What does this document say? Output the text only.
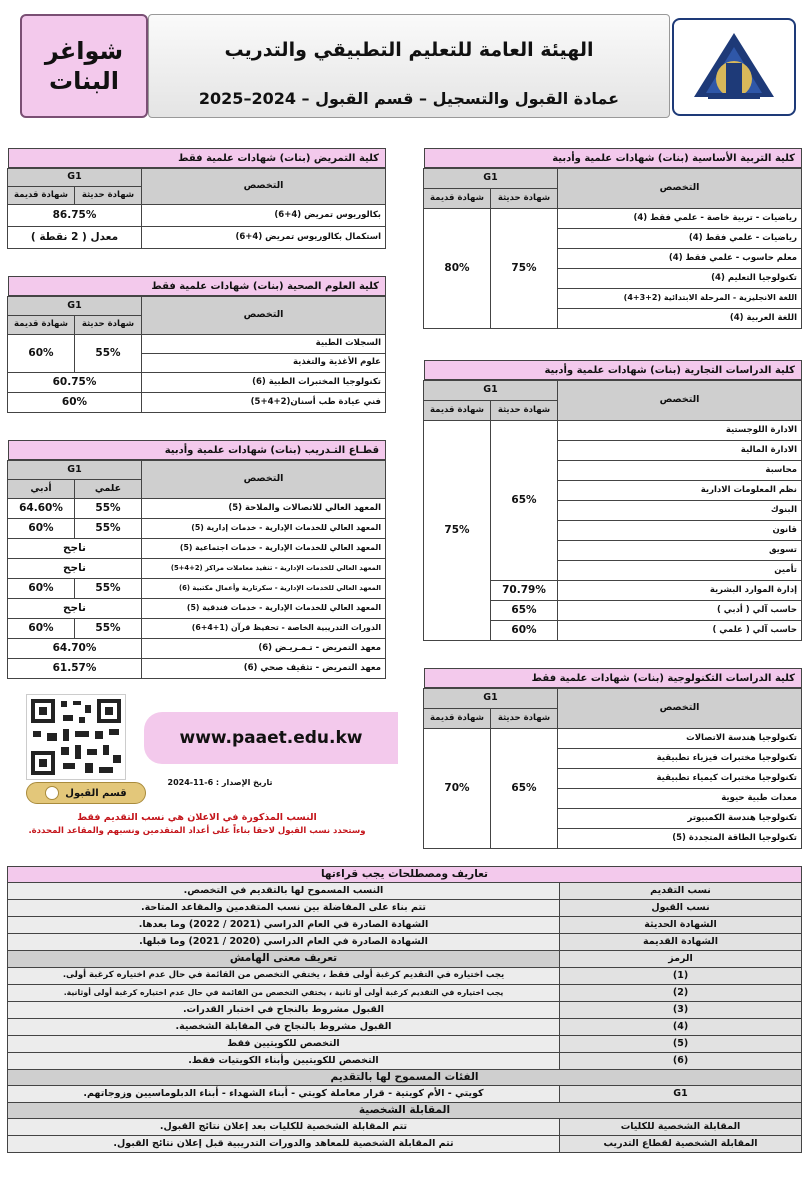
شواغر
البنات
الهيئة العامة للتعليم التطبيقي والتدريب
عمادة القبول والتسجيل – قسم القبول – 2024–2025
كلية التمريض (بنات) شهادات علمية فقط
التخصص	G1	
	شهادة حديثة	شهادة قديمة
بكالوريوس تمريض (4+6)	86.75%	
استكمال بكالوريوس تمريض (4+6)	معدل ( 2 نقطة )	
كلية العلوم الصحية (بنات) شهادات علمية فقط
التخصص	G1	
	شهادة حديثة	شهادة قديمة
السجلات الطبية	55%	60%
علوم الأغذية والتغذية		
تكنولوجيا المختبرات الطبية (6)	60.75%	
فني عيادة طب أسنان(2+4+5)	60%	
قطـاع التـدريب (بنات) شهادات علمية وأدبية
التخصص	G1	
	علمي	أدبي
المعهد العالي للاتصالات والملاحة (5)	55%	64.60%
المعهد العالي للخدمات الإدارية - خدمات إدارية (5)	55%	60%
المعهد العالي للخدمات الإدارية - خدمات اجتماعية (5)	ناجح	
المعهد العالي للخدمات الإدارية - تنفيذ معاملات مراكز (2+4+5)	ناجح	
المعهد العالي للخدمات الإدارية - سكرتارية وأعمال مكتبية (6)	55%	60%
المعهد العالي للخدمات الإدارية - خدمات فندقية (5)	ناجح	
الدورات التدريبية الخاصة - تحفيظ قرآن (1+4+6)	55%	60%
معهد التمريض - تـمـريـض (6)	64.70%	
معهد التمريض - تثقيف صحي (6)	61.57%	
كلية التربية الأساسية (بنات) شهادات علمية وأدبية
التخصص	G1	
	شهادة حديثة	شهادة قديمة
رياضيات - تربية خاصة - علمي فقط (4)	75%	80%
رياضيات - علمي فقط (4)		
معلم حاسوب - علمي فقط (4)		
تكنولوجيا التعليم (4)		
اللغة الانجليزية - المرحلة الابتدائية (2+3+4)		
اللغة العربية (4)		
كلية الدراسات التجارية (بنات) شهادات علمية وأدبية
التخصص	G1	
	شهادة حديثة	شهادة قديمة
الادارة اللوجستية	65%	75%
الادارة المالية		
محاسبة		
نظم المعلومات الادارية		
البنوك		
قانون		
تسويق		
تأمين		
إدارة الموارد البشرية	70.79%	
حاسب آلي ( أدبي )	65%	
حاسب آلي ( علمي )	60%	
كلية الدراسات التكنولوجية (بنات) شهادات علمية فقط
التخصص	G1	
	شهادة حديثة	شهادة قديمة
تكنولوجيا هندسة الاتصالات	65%	70%
تكنولوجيا مختبرات فيزياء تطبيقية		
تكنولوجيا مختبرات كيمياء تطبيقية		
معدات طبية حيوية		
تكنولوجيا هندسة الكمبيوتر		
تكنولوجيا الطاقة المتجددة (5)		
قسم القبول
www.paaet.edu.kw
تاريخ الإصدار : 6-11-2024
النسب المذكورة في الاعلان هي نسب التقديم فقط
وستحدد نسب القبول لاحقا بناءاً على أعداد المتقدمين ونسبهم والمقاعد المحددة.
تعاريف ومصطلحات يجب قراءتها	
نسب التقديم	النسب المسموح لها بالتقديم في التخصص.
نسب القبول	تتم بناء على المفاضلة بين نسب المتقدمين والمقاعد المتاحة.
الشهادة الحديثة	الشهادة الصادرة في العام الدراسي (2021 / 2022) وما بعدها.
الشهادة القديمة	الشهادة الصادرة في العام الدراسي (2020 / 2021) وما قبلها.
الرمز	تعريف معنى الهامش
(1)	يجب اختياره في التقديم كرغبة أولى فقط ، يختفي التخصص من القائمة في حال عدم اختياره كرغبة أولى.
(2)	يجب اختياره في التقديم كرغبة أولى أو ثانية ، يختفي التخصص من القائمة في حال عدم اختياره كرغبة أولى أوثانية.
(3)	القبول مشروط بالنجاح في اختبار القدرات.
(4)	القبول مشروط بالنجاح في المقابلة الشخصية.
(5)	التخصص للكويتيين فقط
(6)	التخصص للكويتيين وأبناء الكويتيات فقط.
الفئات المسموح لها بالتقديم	
G1	كويتي - الأم كويتية - قرار معاملة كويتي - أبناء الشهداء - أبناء الدبلوماسيين وزوجاتهم.
المقابلة الشخصية	
المقابلة الشخصية للكليات	تتم المقابلة الشخصية للكليات بعد إعلان نتائج القبول.
المقابلة الشخصية لقطاع التدريب	تتم المقابلة الشخصية للمعاهد والدورات التدريبية قبل إعلان نتائج القبول.
